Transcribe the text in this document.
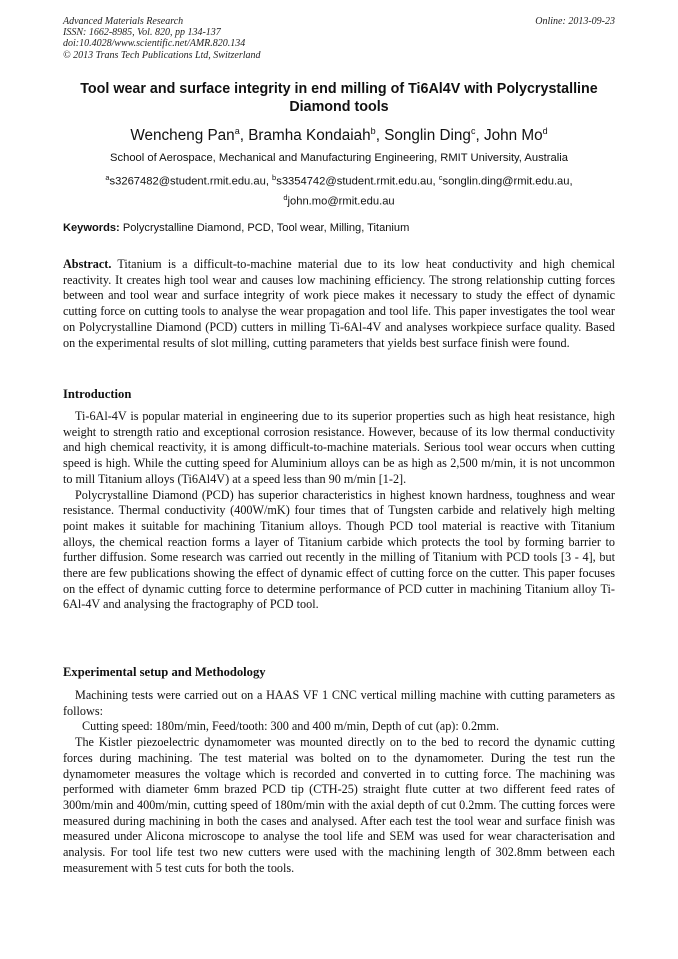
Advanced Materials Research
ISSN: 1662-8985, Vol. 820, pp 134-137
doi:10.4028/www.scientific.net/AMR.820.134
© 2013 Trans Tech Publications Ltd, Switzerland
Online: 2013-09-23
Tool wear and surface integrity in end milling of Ti6Al4V with Polycrystalline Diamond tools
Wencheng Pan$^a$, Bramha Kondaiah$^b$, Songlin Ding$^c$, John Mo$^d$
School of Aerospace, Mechanical and Manufacturing Engineering, RMIT University, Australia
$^a$s3267482@student.rmit.edu.au, $^b$s3354742@student.rmit.edu.au, $^c$songlin.ding@rmit.edu.au,
$^d$john.mo@rmit.edu.au
Keywords: Polycrystalline Diamond, PCD, Tool wear, Milling, Titanium

Abstract. Titanium is a difficult-to-machine material due to its low heat conductivity and high chemical reactivity. It creates high tool wear and causes low machining efficiency. The strong relationship cutting forces between and tool wear and surface integrity of work piece makes it necessary to study the effect of dynamic cutting force on cutting tools to analyse the wear propagation and tool life. This paper investigates the tool wear on Polycrystalline Diamond (PCD) cutters in milling Ti-6Al-4V and analyses workpiece surface quality. Based on the experimental results of slot milling, cutting parameters that yields best surface finish were found.

Introduction

Ti-6Al-4V is popular material in engineering due to its superior properties such as high heat resistance, high weight to strength ratio and exceptional corrosion resistance. However, because of its low thermal conductivity and high chemical reactivity, it is among difficult-to-machine materials. Serious tool wear occurs when cutting speed is high. While the cutting speed for Aluminium alloys can be as high as 2,500 m/min, it is not uncommon to mill Titanium alloys (Ti6Al4V) at a speed less than 90 m/min [1-2].

Polycrystalline Diamond (PCD) has superior characteristics in highest known hardness, toughness and wear resistance. Thermal conductivity (400W/mK) four times that of Tungsten carbide and relatively high melting point makes it suitable for machining Titanium alloys. Though PCD tool material is reactive with Titanium alloys, the chemical reaction forms a layer of Titanium carbide which protects the tool by forming barrier to further diffusion. Some research was carried out recently in the milling of Titanium with PCD tools [3 - 4], but there are few publications showing the effect of dynamic effect of cutting force on the cutter. This paper focuses on the effect of dynamic cutting force to determine performance of PCD cutter in machining Titanium alloy Ti-6Al-4V and analysing the fractography of PCD tool.

Experimental setup and Methodology

Machining tests were carried out on a HAAS VF 1 CNC vertical milling machine with cutting parameters as follows:

Cutting speed: 180m/min, Feed/tooth: 300 and 400 m/min, Depth of cut (ap): 0.2mm.

The Kistler piezoelectric dynamometer was mounted directly on to the bed to record the dynamic cutting forces during machining. The test material was bolted on to the dynamometer. During the test run the dynamometer measures the voltage which is recorded and converted in to cutting force. The machining was performed with diameter 6mm brazed PCD tip (CTH-25) straight flute cutter at two different feed rates of 300m/min and 400m/min, cutting speed of 180m/min with the axial depth of cut 0.2mm. The cutting forces were measured during machining in both the cases and analysed. After each test the tool wear and surface finish was measured under Alicona microscope to analyse the tool life and SEM was used for wear characterisation and analysis. For tool life test two new cutters were used with the machining length of 302.8mm between each measurement with 5 test cuts for both the tools.
